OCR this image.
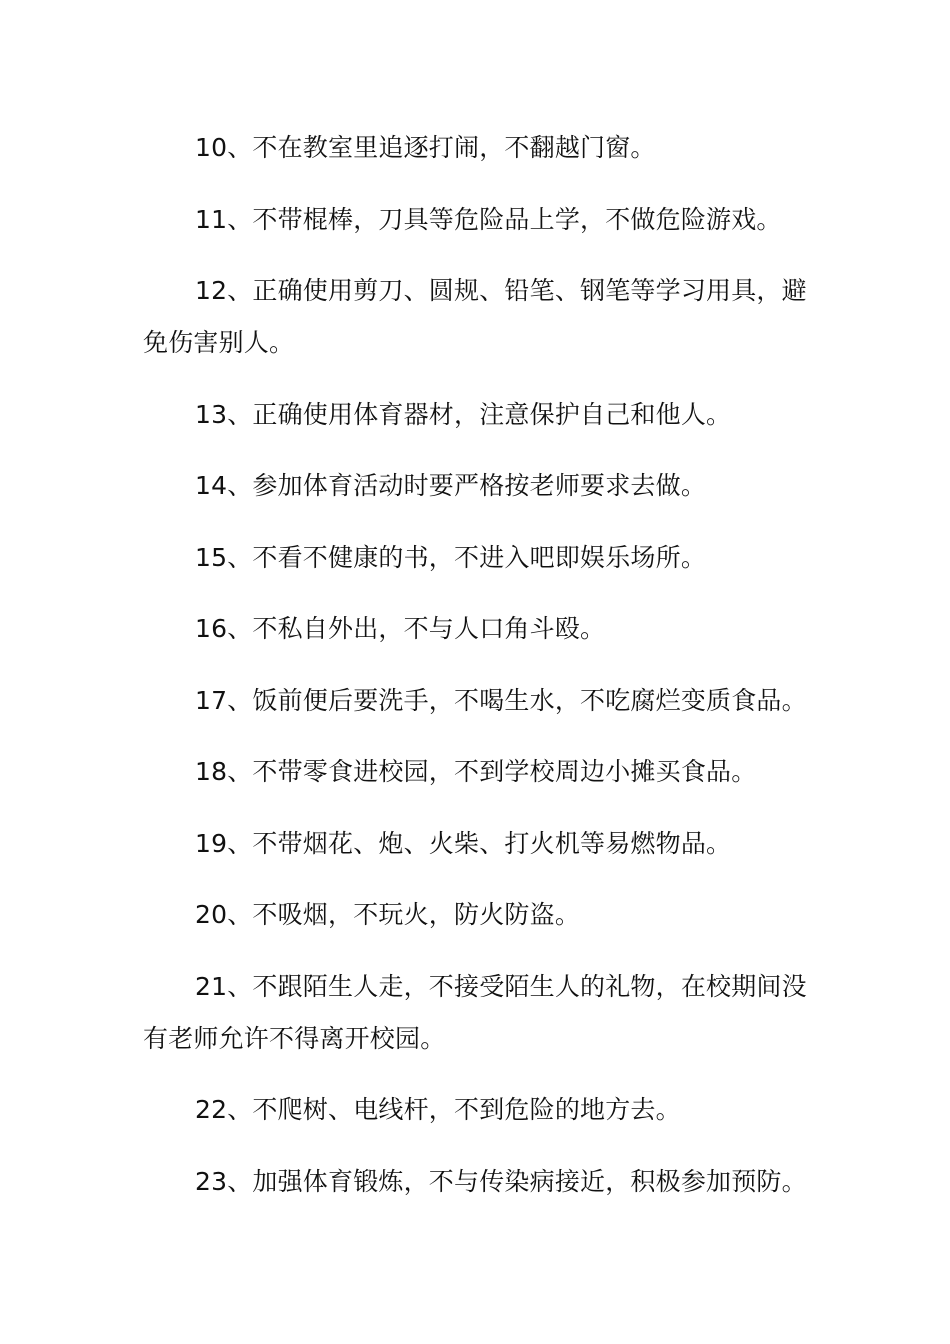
10、不在教室里追逐打闹，不翻越门窗。

11、不带棍棒，刀具等危险品上学，不做危险游戏。

12、正确使用剪刀、圆规、铅笔、钢笔等学习用具，避免伤害别人。

13、正确使用体育器材，注意保护自己和他人。

14、参加体育活动时要严格按老师要求去做。

15、不看不健康的书，不进入吧即娱乐场所。

16、不私自外出，不与人口角斗殴。

17、饭前便后要洗手，不喝生水，不吃腐烂变质食品。

18、不带零食进校园，不到学校周边小摊买食品。

19、不带烟花、炮、火柴、打火机等易燃物品。

20、不吸烟，不玩火，防火防盗。

21、不跟陌生人走，不接受陌生人的礼物，在校期间没有老师允许不得离开校园。

22、不爬树、电线杆，不到危险的地方去。

23、加强体育锻炼，不与传染病接近，积极参加预防。
